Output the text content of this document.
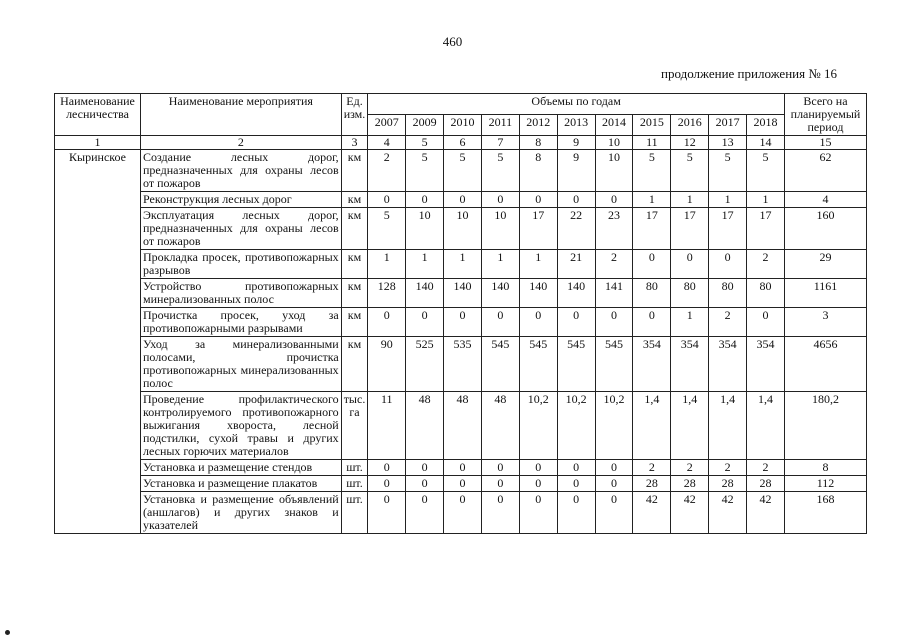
460
продолжение приложения № 16
Наименование лесничества	Наименование мероприятия	Ед. изм.	Объемы по годам											Всего на планируемый период
			2007	2009	2010	2011	2012	2013	2014	2015	2016	2017	2018	
1	2	3	4	5	6	7	8	9	10	11	12	13	14	15
Кыринское	Создание лесных дорог, предназначенных для охраны лесов от пожаров	км	2	5	5	5	8	9	10	5	5	5	5	62
	Реконструкция лесных дорог	км	0	0	0	0	0	0	0	1	1	1	1	4
	Эксплуатация лесных дорог, предназначенных для охраны лесов от пожаров	км	5	10	10	10	17	22	23	17	17	17	17	160
	Прокладка просек, противопожарных разрывов	км	1	1	1	1	1	21	2	0	0	0	2	29
	Устройство противопожарных минерализованных полос	км	128	140	140	140	140	140	141	80	80	80	80	1161
	Прочистка просек, уход за противопожарными разрывами	км	0	0	0	0	0	0	0	0	1	2	0	3
	Уход за минерализованными полосами, прочистка противопожарных минерализованных полос	км	90	525	535	545	545	545	545	354	354	354	354	4656
	Проведение профилактического контролируемого противопожарного выжигания хвороста, лесной подстилки, сухой травы и других лесных горючих материалов	тыс. га	11	48	48	48	10,2	10,2	10,2	1,4	1,4	1,4	1,4	180,2
	Установка и размещение стендов	шт.	0	0	0	0	0	0	0	2	2	2	2	8
	Установка и размещение плакатов	шт.	0	0	0	0	0	0	0	28	28	28	28	112
	Установка и размещение объявлений (аншлагов) и других знаков и указателей	шт.	0	0	0	0	0	0	0	42	42	42	42	168
